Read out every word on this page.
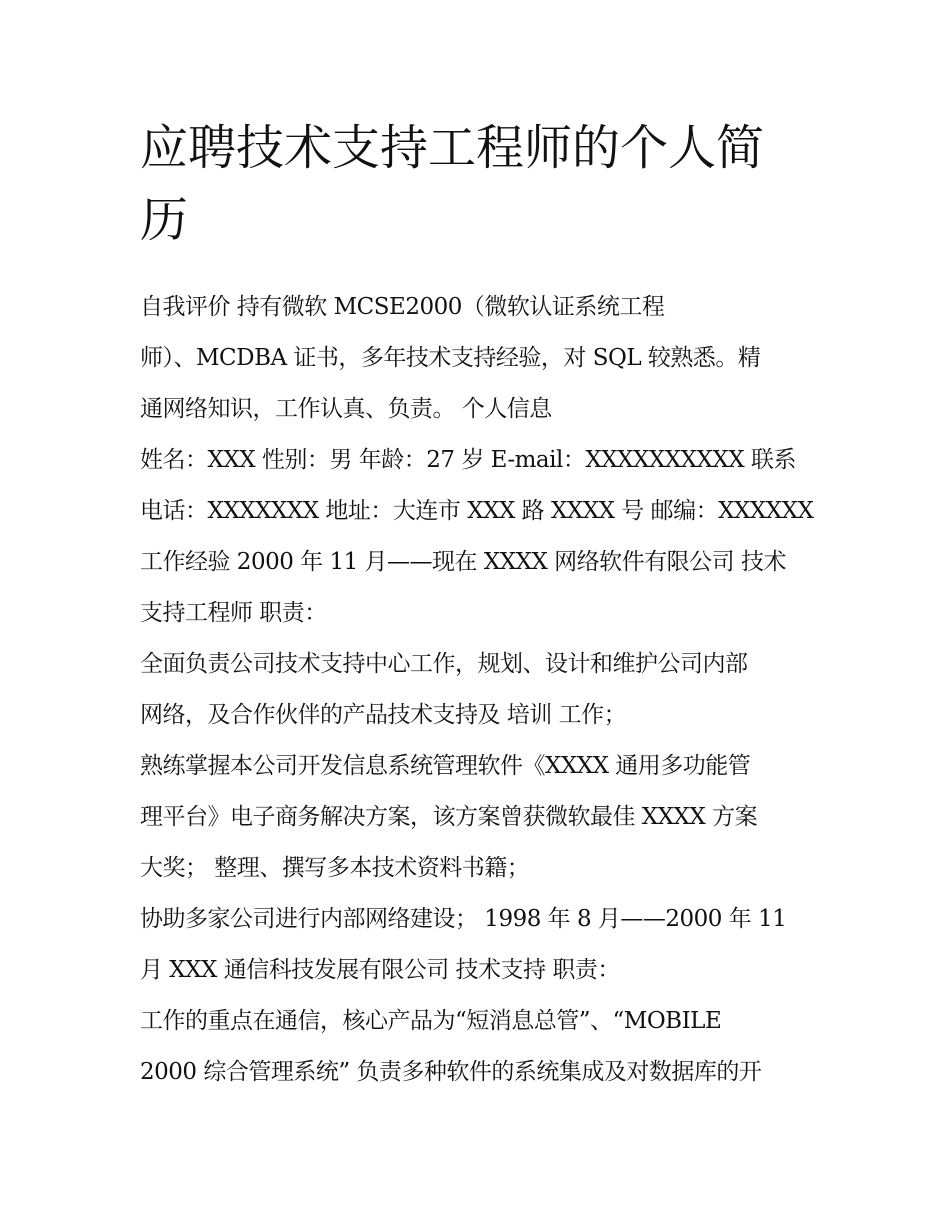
应聘技术支持工程师的个人简
历
自我评价 持有微软 MCSE2000（微软认证系统工程
师）、MCDBA 证书，多年技术支持经验，对 SQL 较熟悉。精
通网络知识，工作认真、负责。 个人信息
姓名：XXX 性别：男 年龄：27 岁 E-mail：XXXXXXXXXX 联系
电话：XXXXXXX 地址：大连市 XXX 路 XXXX 号 邮编：XXXXXX
工作经验 2000 年 11 月——现在 XXXX 网络软件有限公司 技术
支持工程师 职责：
全面负责公司技术支持中心工作，规划、设计和维护公司内部
网络，及合作伙伴的产品技术支持及 培训 工作；
熟练掌握本公司开发信息系统管理软件《XXXX 通用多功能管
理平台》电子商务解决方案，该方案曾获微软最佳 XXXX 方案
大奖； 整理、撰写多本技术资料书籍；
协助多家公司进行内部网络建设； 1998 年 8 月——2000 年 11
月 XXX 通信科技发展有限公司 技术支持 职责：
工作的重点在通信，核心产品为“短消息总管”、“MOBILE
2000 综合管理系统” 负责多种软件的系统集成及对数据库的开
